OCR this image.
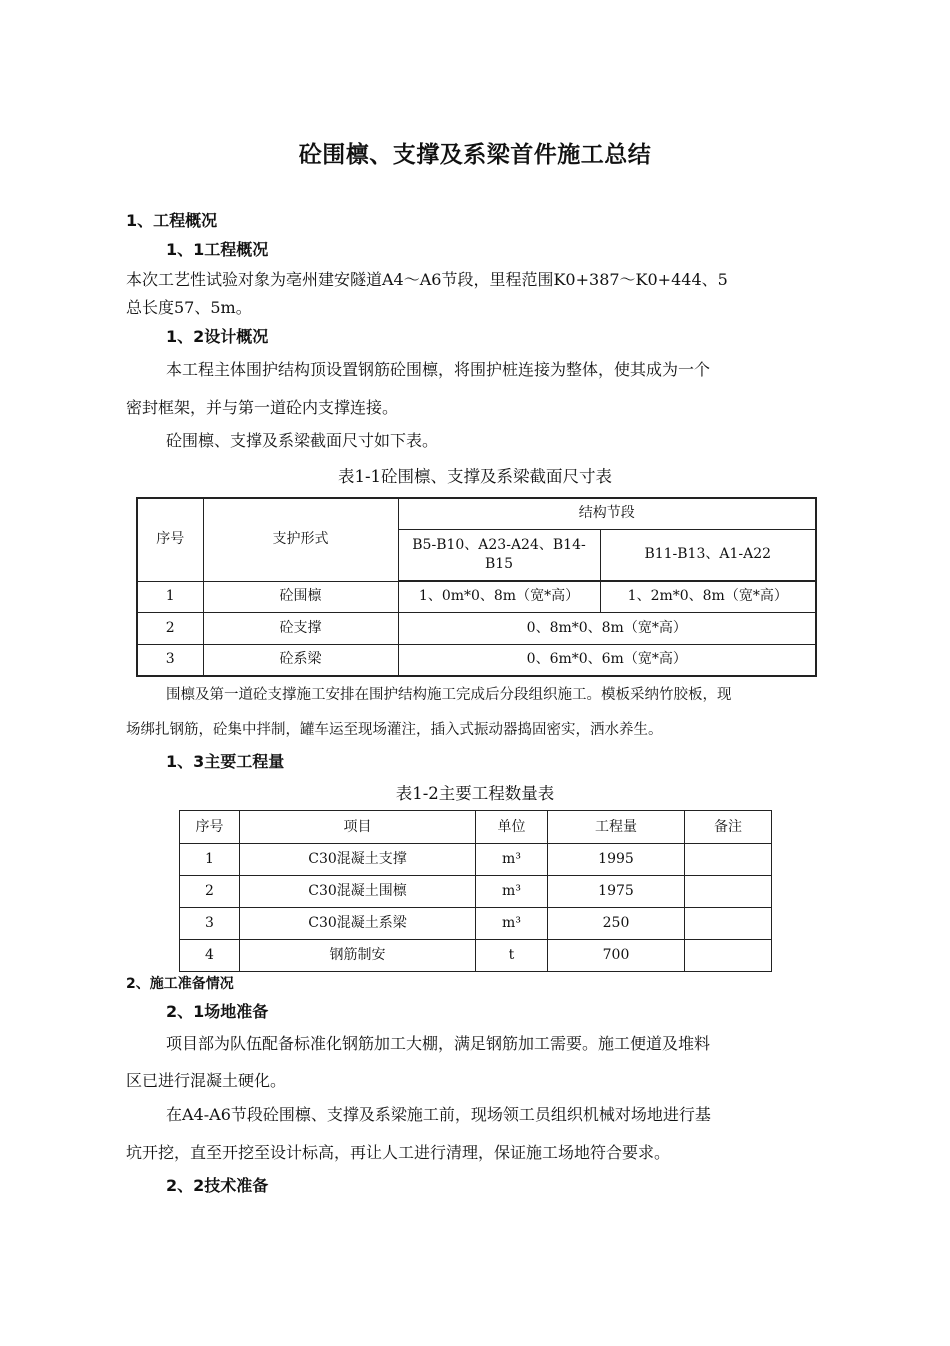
砼围檩、支撑及系梁首件施工总结
1、工程概况
1、1工程概况
本次工艺性试验对象为亳州建安隧道A4～A6节段，里程范围K0+387～K0+444、5
总长度57、5m。
1、2设计概况
本工程主体围护结构顶设置钢筋砼围檩，将围护桩连接为整体，使其成为一个
密封框架，并与第一道砼内支撑连接。
砼围檩、支撑及系梁截面尺寸如下表。
表1-1砼围檩、支撑及系梁截面尺寸表
序号	支护形式	结构节段	
		B5-B10、A23-A24、B14-B15	B11-B13、A1-A22
1	砼围檩	1、0m*0、8m（宽*高）	1、2m*0、8m（宽*高）
2	砼支撑	0、8m*0、8m（宽*高）	
3	砼系梁	0、6m*0、6m（宽*高）	
围檩及第一道砼支撑施工安排在围护结构施工完成后分段组织施工。模板采纳竹胶板，现
场绑扎钢筋，砼集中拌制，罐车运至现场灌注，插入式振动器捣固密实，洒水养生。
1、3主要工程量
表1-2主要工程数量表
序号	项目	单位	工程量	备注
1	C30混凝土支撑	m³	1995	
2	C30混凝土围檩	m³	1975	
3	C30混凝土系梁	m³	250	
4	钢筋制安	t	700	
2、施工准备情况
2、1场地准备
项目部为队伍配备标准化钢筋加工大棚，满足钢筋加工需要。施工便道及堆料
区已进行混凝土硬化。
在A4-A6节段砼围檩、支撑及系梁施工前，现场领工员组织机械对场地进行基
坑开挖，直至开挖至设计标高，再让人工进行清理，保证施工场地符合要求。
2、2技术准备
